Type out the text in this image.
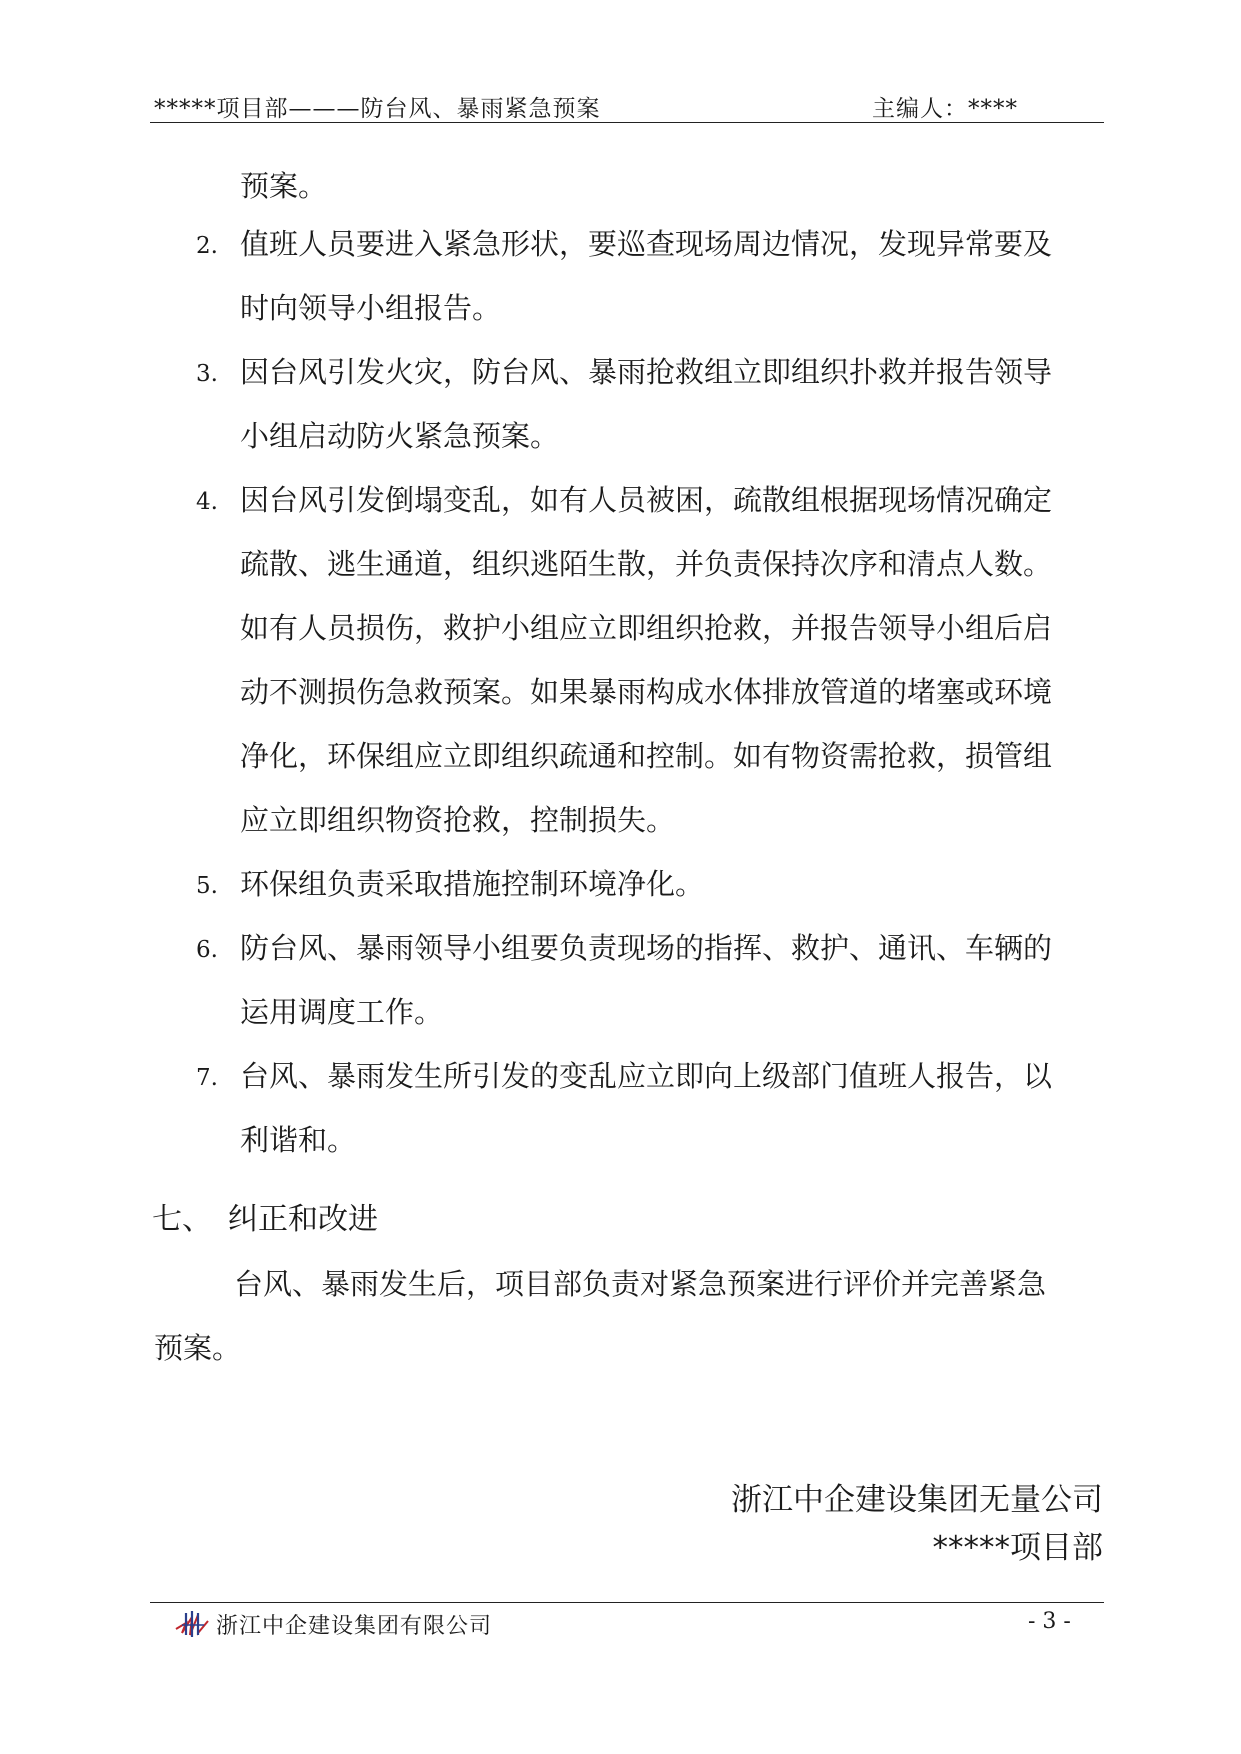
*****项目部———防台风、暴雨紧急预案	主编人：****
预案。
2. 值班人员要进入紧急形状，要巡查现场周边情况，发现异常要及
时向领导小组报告。
3. 因台风引发火灾，防台风、暴雨抢救组立即组织扑救并报告领导
小组启动防火紧急预案。
4. 因台风引发倒塌变乱，如有人员被困，疏散组根据现场情况确定
疏散、逃生通道，组织逃陌生散，并负责保持次序和清点人数。
如有人员损伤，救护小组应立即组织抢救，并报告领导小组后启
动不测损伤急救预案。如果暴雨构成水体排放管道的堵塞或环境
净化，环保组应立即组织疏通和控制。如有物资需抢救，损管组
应立即组织物资抢救，控制损失。
5. 环保组负责采取措施控制环境净化。
6. 防台风、暴雨领导小组要负责现场的指挥、救护、通讯、车辆的
运用调度工作。
7. 台风、暴雨发生所引发的变乱应立即向上级部门值班人报告，以
利谐和。
七、 纠正和改进
台风、暴雨发生后，项目部负责对紧急预案进行评价并完善紧急
预案。
浙江中企建设集团无量公司
*****项目部
浙江中企建设集团有限公司	- 3 -
